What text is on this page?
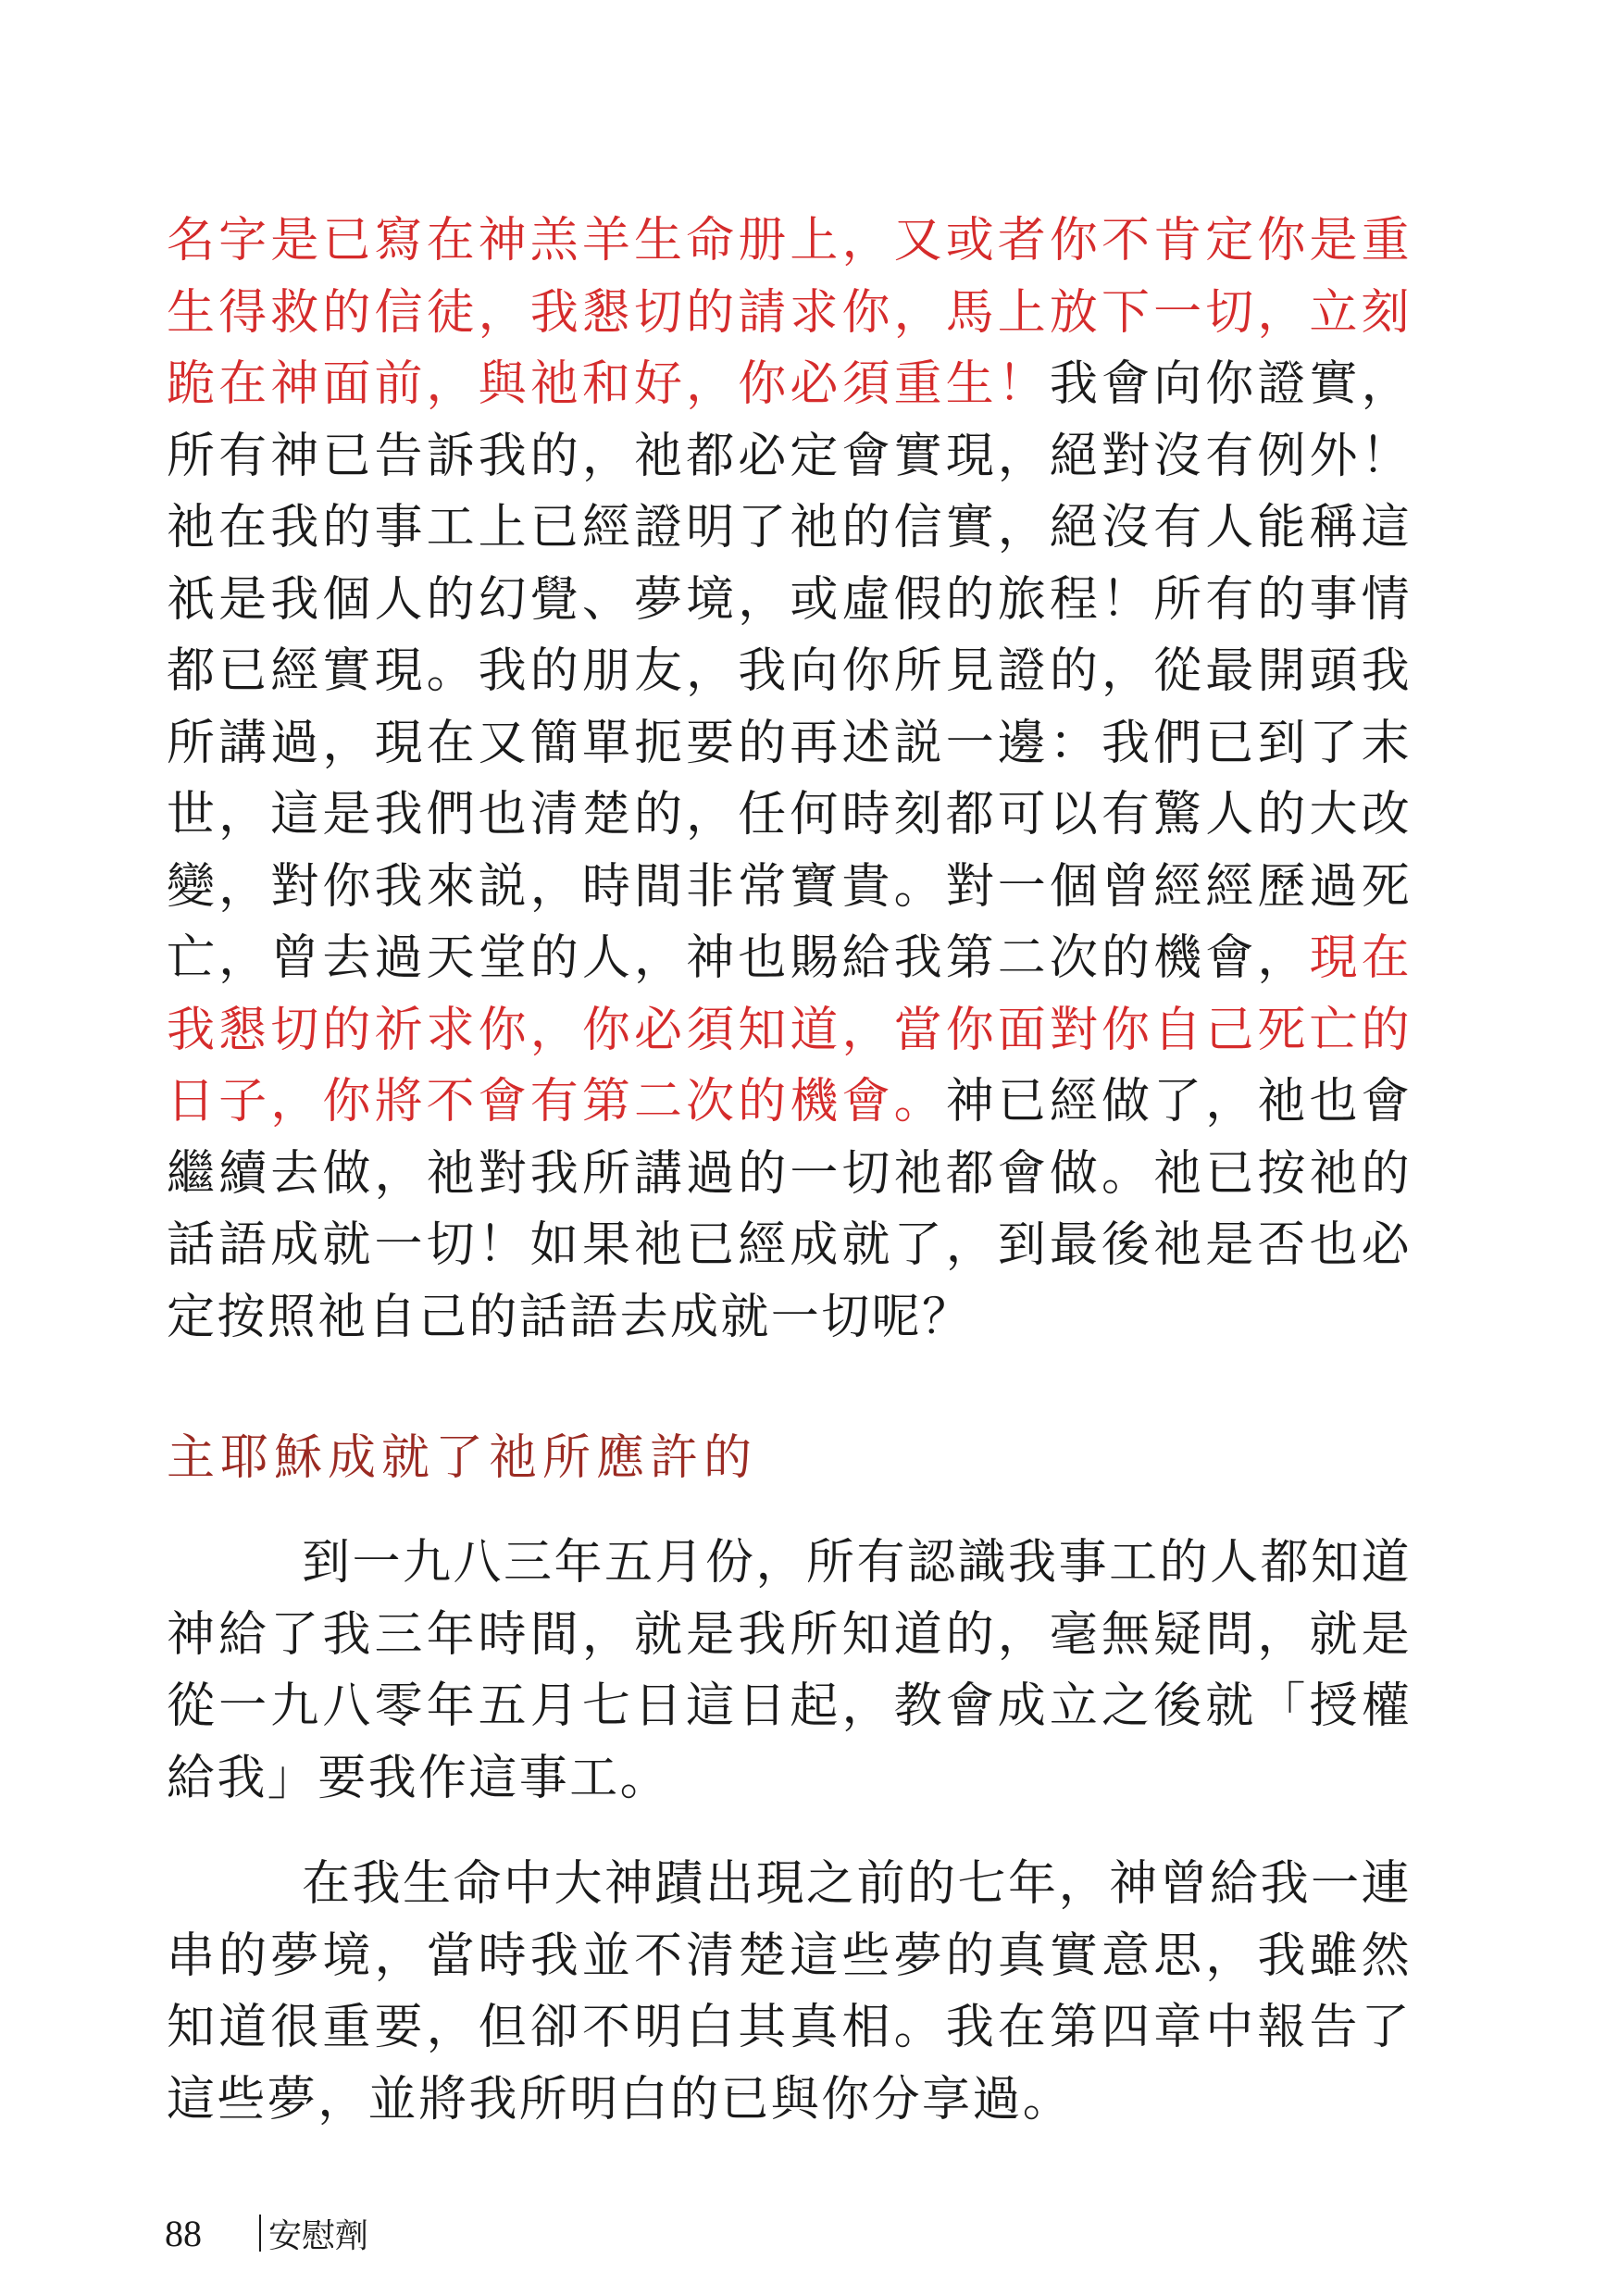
名字是已寫在神羔羊生命册上，又或者你不肯定你是重生得救的信徒，我懇切的請求你，馬上放下一切，立刻跪在神面前，與祂和好，你必須重生！我會向你證實，所有神已告訴我的，祂都必定會實現，絕對沒有例外！祂在我的事工上已經證明了祂的信實，絕沒有人能稱這祇是我個人的幻覺、夢境，或虛假的旅程！所有的事情都已經實現。我的朋友，我向你所見證的，從最開頭我所講過，現在又簡單扼要的再述説一邊：我們已到了末世，這是我們也清楚的，任何時刻都可以有驚人的大改變，對你我來説，時間非常寶貴。對一個曾經經歷過死亡，曾去過天堂的人，神也賜給我第二次的機會，現在我懇切的祈求你，你必須知道，當你面對你自己死亡的日子，你將不會有第二次的機會。神已經做了，祂也會繼續去做，祂對我所講過的一切祂都會做。祂已按祂的話語成就一切！如果祂已經成就了，到最後祂是否也必定按照祂自己的話語去成就一切呢？

主耶穌成就了祂所應許的

到一九八三年五月份，所有認識我事工的人都知道神給了我三年時間，就是我所知道的，毫無疑問，就是從一九八零年五月七日這日起，教會成立之後就「授權給我」要我作這事工。

在我生命中大神蹟出現之前的七年，神曾給我一連串的夢境，當時我並不清楚這些夢的真實意思，我雖然知道很重要，但卻不明白其真相。我在第四章中報告了這些夢，並將我所明白的已與你分享過。

88 安慰劑
